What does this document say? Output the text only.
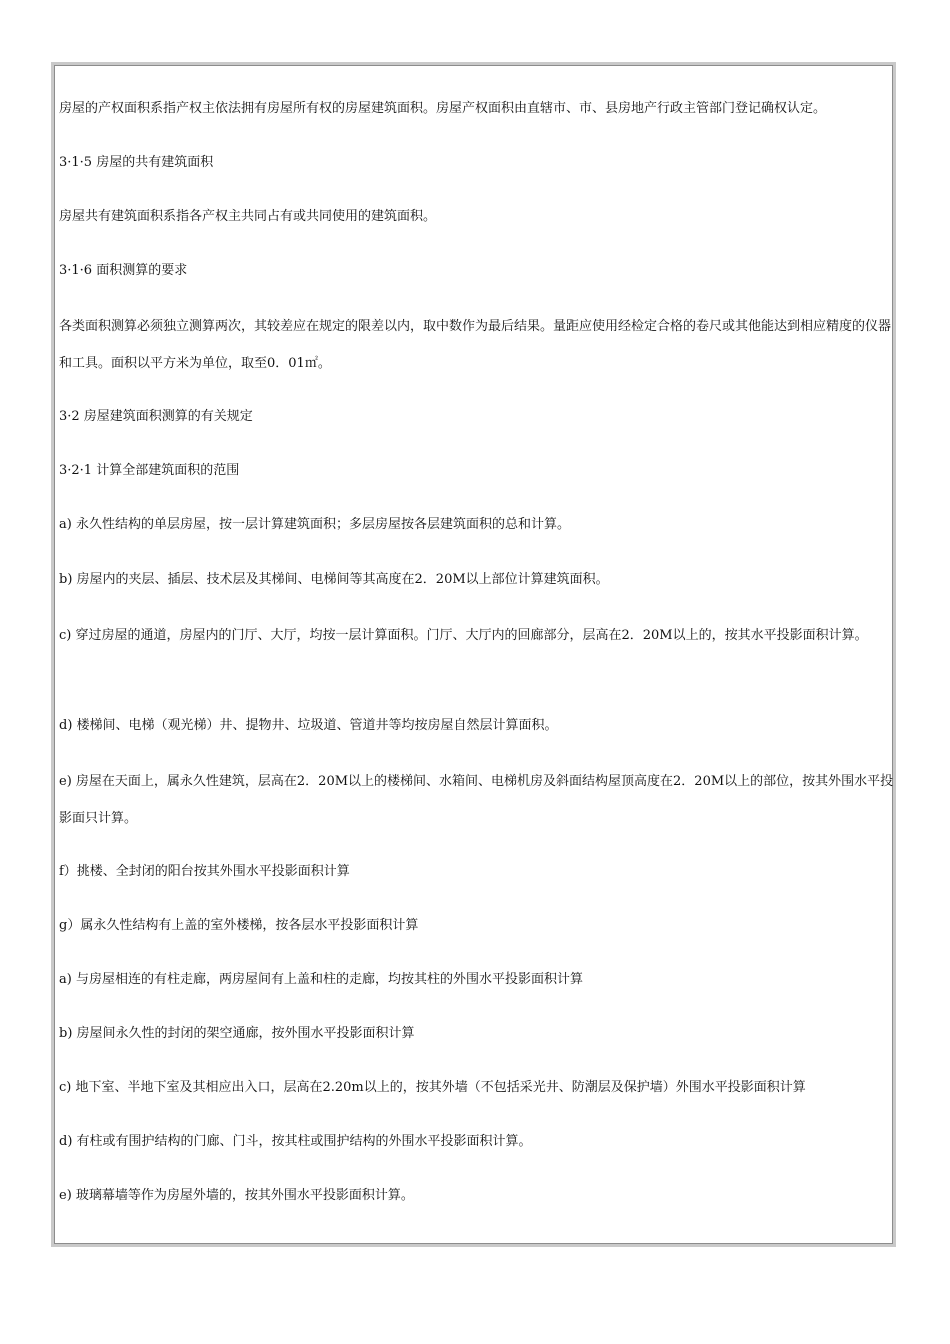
房屋的产权面积系指产权主依法拥有房屋所有权的房屋建筑面积。房屋产权面积由直辖市、市、县房地产行政主管部门登记确权认定。

3·1·5 房屋的共有建筑面积

房屋共有建筑面积系指各产权主共同占有或共同使用的建筑面积。

3·1·6 面积测算的要求

各类面积测算必须独立测算两次，其较差应在规定的限差以内，取中数作为最后结果。量距应使用经检定合格的卷尺或其他能达到相应精度的仪器和工具。面积以平方米为单位，取至0．01㎡。

3·2 房屋建筑面积测算的有关规定

3·2·1 计算全部建筑面积的范围

a) 永久性结构的单层房屋，按一层计算建筑面积；多层房屋按各层建筑面积的总和计算。

b) 房屋内的夹层、插层、技术层及其梯间、电梯间等其高度在2．20M以上部位计算建筑面积。

c) 穿过房屋的通道，房屋内的门厅、大厅，均按一层计算面积。门厅、大厅内的回廊部分，层高在2．20M以上的，按其水平投影面积计算。

d) 楼梯间、电梯（观光梯）井、提物井、垃圾道、管道井等均按房屋自然层计算面积。

e) 房屋在天面上，属永久性建筑，层高在2．20M以上的楼梯间、水箱间、电梯机房及斜面结构屋顶高度在2．20M以上的部位，按其外围水平投影面只计算。

f）挑楼、全封闭的阳台按其外围水平投影面积计算

g）属永久性结构有上盖的室外楼梯，按各层水平投影面积计算

a) 与房屋相连的有柱走廊，两房屋间有上盖和柱的走廊，均按其柱的外围水平投影面积计算

b) 房屋间永久性的封闭的架空通廊，按外围水平投影面积计算

c) 地下室、半地下室及其相应出入口，层高在2.20m以上的，按其外墙（不包括采光井、防潮层及保护墙）外围水平投影面积计算

d) 有柱或有围护结构的门廊、门斗，按其柱或围护结构的外围水平投影面积计算。

e) 玻璃幕墙等作为房屋外墙的，按其外围水平投影面积计算。
